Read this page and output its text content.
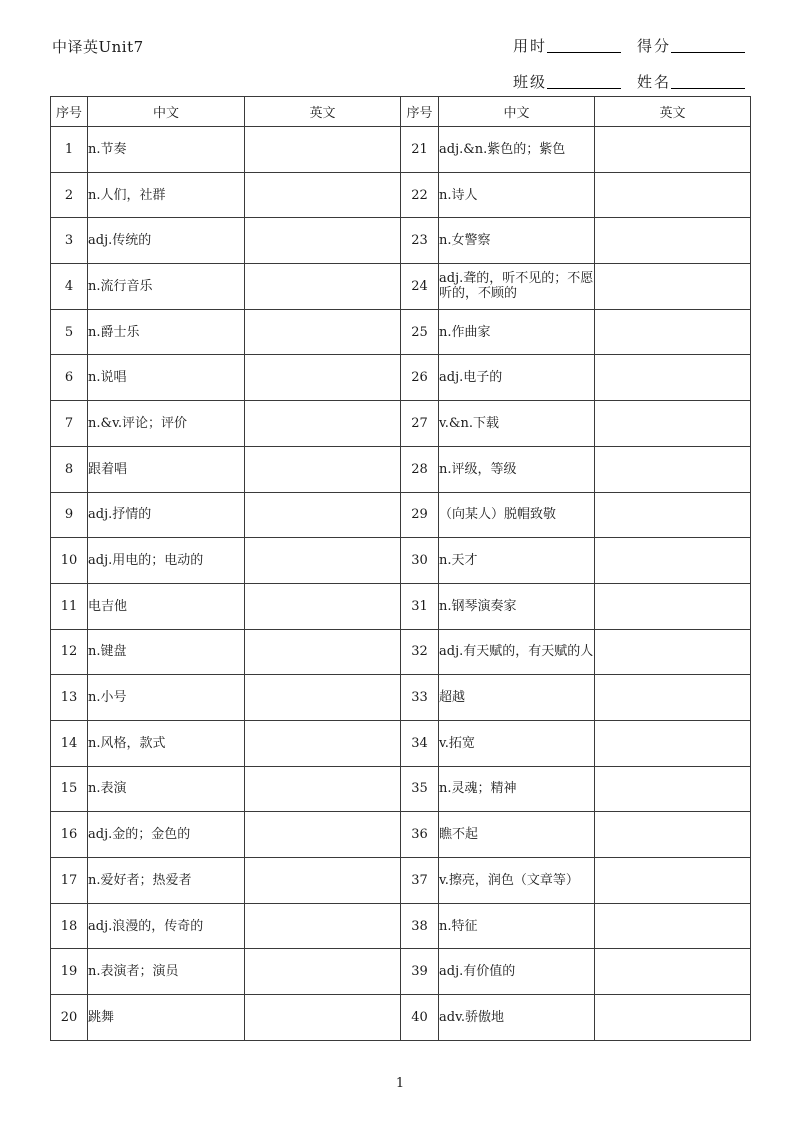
中译英Unit7	用时	得分
班级	姓名
序号	中文	英文	序号	中文	英文
1	n.节奏		21	adj.&n.紫色的；紫色	
2	n.人们，社群		22	n.诗人	
3	adj.传统的		23	n.女警察	
4	n.流行音乐		24	adj.聋的，听不见的；不愿听的，不顾的	
5	n.爵士乐		25	n.作曲家	
6	n.说唱		26	adj.电子的	
7	n.&v.评论；评价		27	v.&n.下载	
8	跟着唱		28	n.评级，等级	
9	adj.抒情的		29	（向某人）脱帽致敬	
10	adj.用电的；电动的		30	n.天才	
11	电吉他		31	n.钢琴演奏家	
12	n.键盘		32	adj.有天赋的，有天赋的人	
13	n.小号		33	超越	
14	n.风格，款式		34	v.拓宽	
15	n.表演		35	n.灵魂；精神	
16	adj.金的；金色的		36	瞧不起	
17	n.爱好者；热爱者		37	v.擦亮，润色（文章等）	
18	adj.浪漫的，传奇的		38	n.特征	
19	n.表演者；演员		39	adj.有价值的	
20	跳舞		40	adv.骄傲地	
1
